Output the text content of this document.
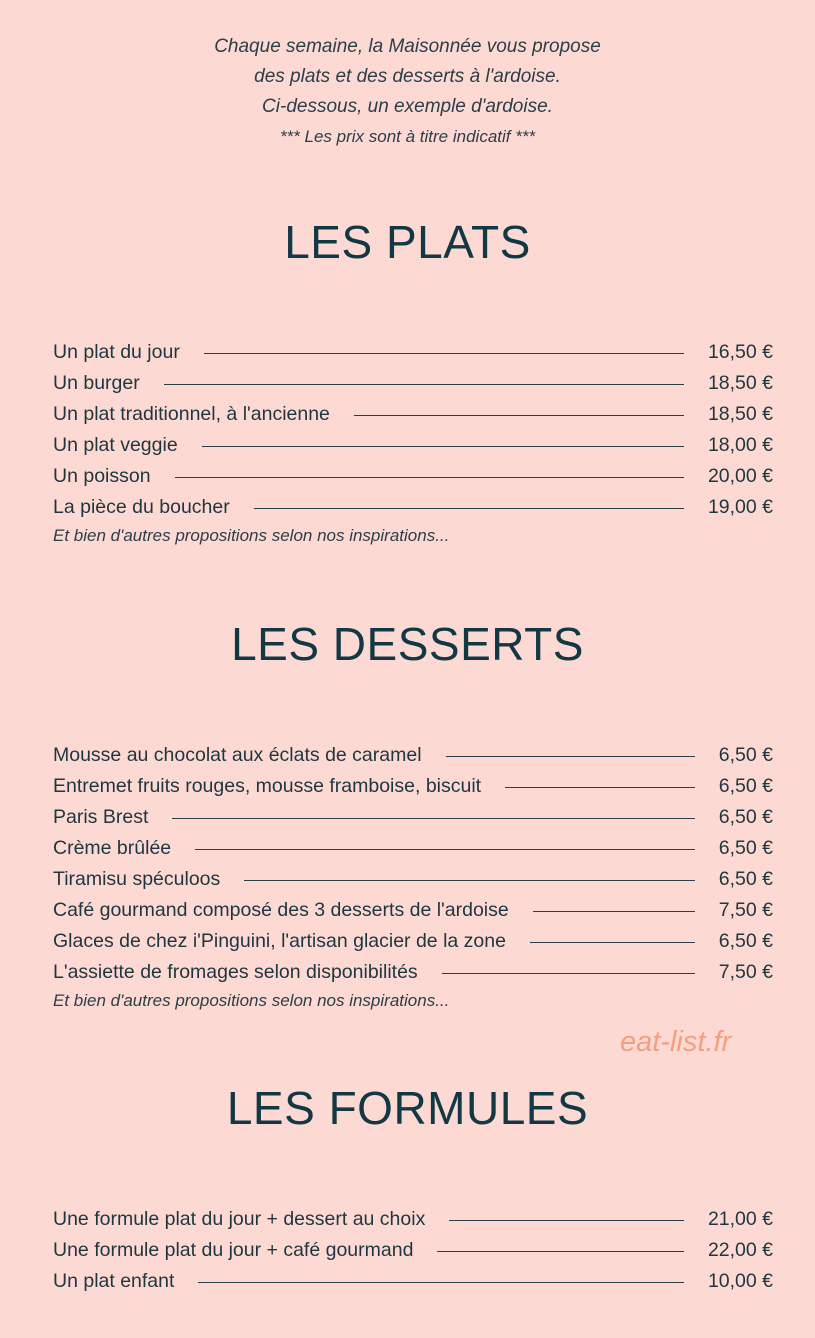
Chaque semaine, la Maisonnée vous propose
des plats et des desserts à l'ardoise.
Ci-dessous, un exemple d'ardoise.
*** Les prix sont à titre indicatif ***
LES PLATS
Un plat du jour	16,50 €
Un burger	18,50 €
Un plat traditionnel, à l'ancienne	18,50 €
Un plat veggie	18,00 €
Un poisson	20,00 €
La pièce du boucher	19,00 €
Et bien d'autres propositions selon nos inspirations...
LES DESSERTS
Mousse au chocolat aux éclats de caramel	6,50 €
Entremet fruits rouges, mousse framboise, biscuit	6,50 €
Paris Brest	6,50 €
Crème brûlée	6,50 €
Tiramisu spéculoos	6,50 €
Café gourmand composé des 3 desserts de l'ardoise	7,50 €
Glaces de chez i'Pinguini, l'artisan glacier de la zone	6,50 €
L'assiette de fromages selon disponibilités	7,50 €
Et bien d'autres propositions selon nos inspirations...
eat-list.fr
LES FORMULES
Une formule plat du jour + dessert au choix	21,00 €
Une formule plat du jour + café gourmand	22,00 €
Un plat enfant	10,00 €
